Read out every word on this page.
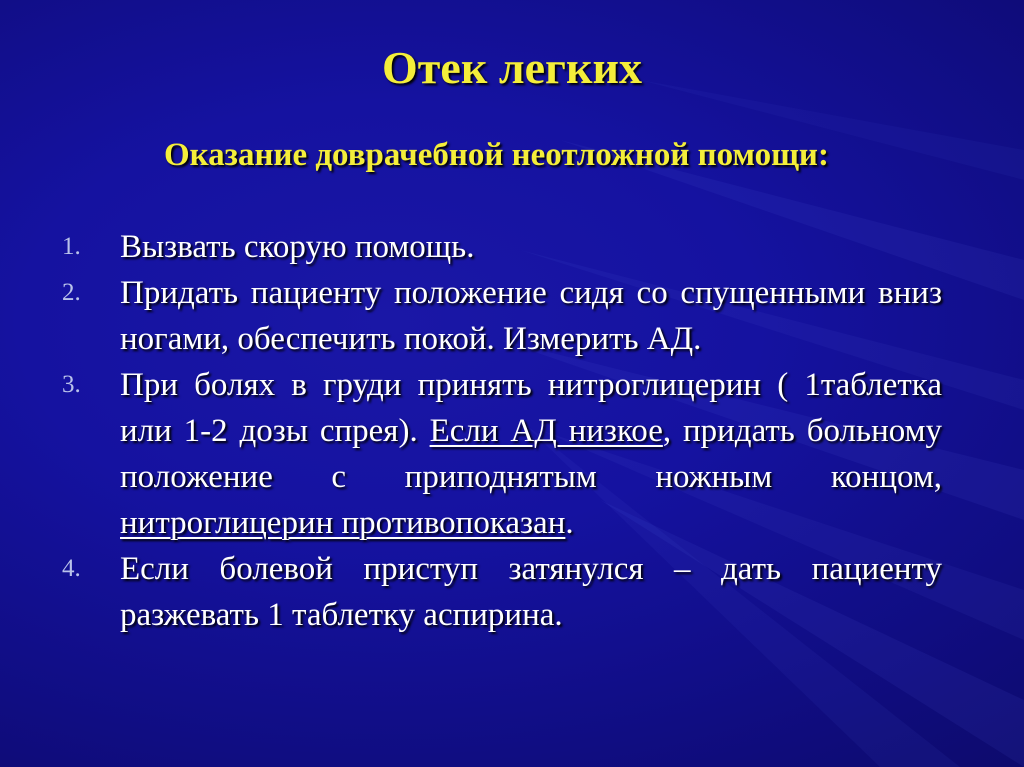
Отек легких

Оказание доврачебной неотложной помощи:

1. Вызвать скорую помощь.
2. Придать пациенту положение сидя со спущенными вниз ногами, обеспечить покой. Измерить АД.
3. При болях в груди принять нитроглицерин ( 1таблетка или 1-2 дозы спрея). Если АД низкое, придать больному положение с приподнятым ножным концом, нитроглицерин противопоказан.
4. Если болевой приступ затянулся – дать пациенту разжевать 1 таблетку аспирина.
